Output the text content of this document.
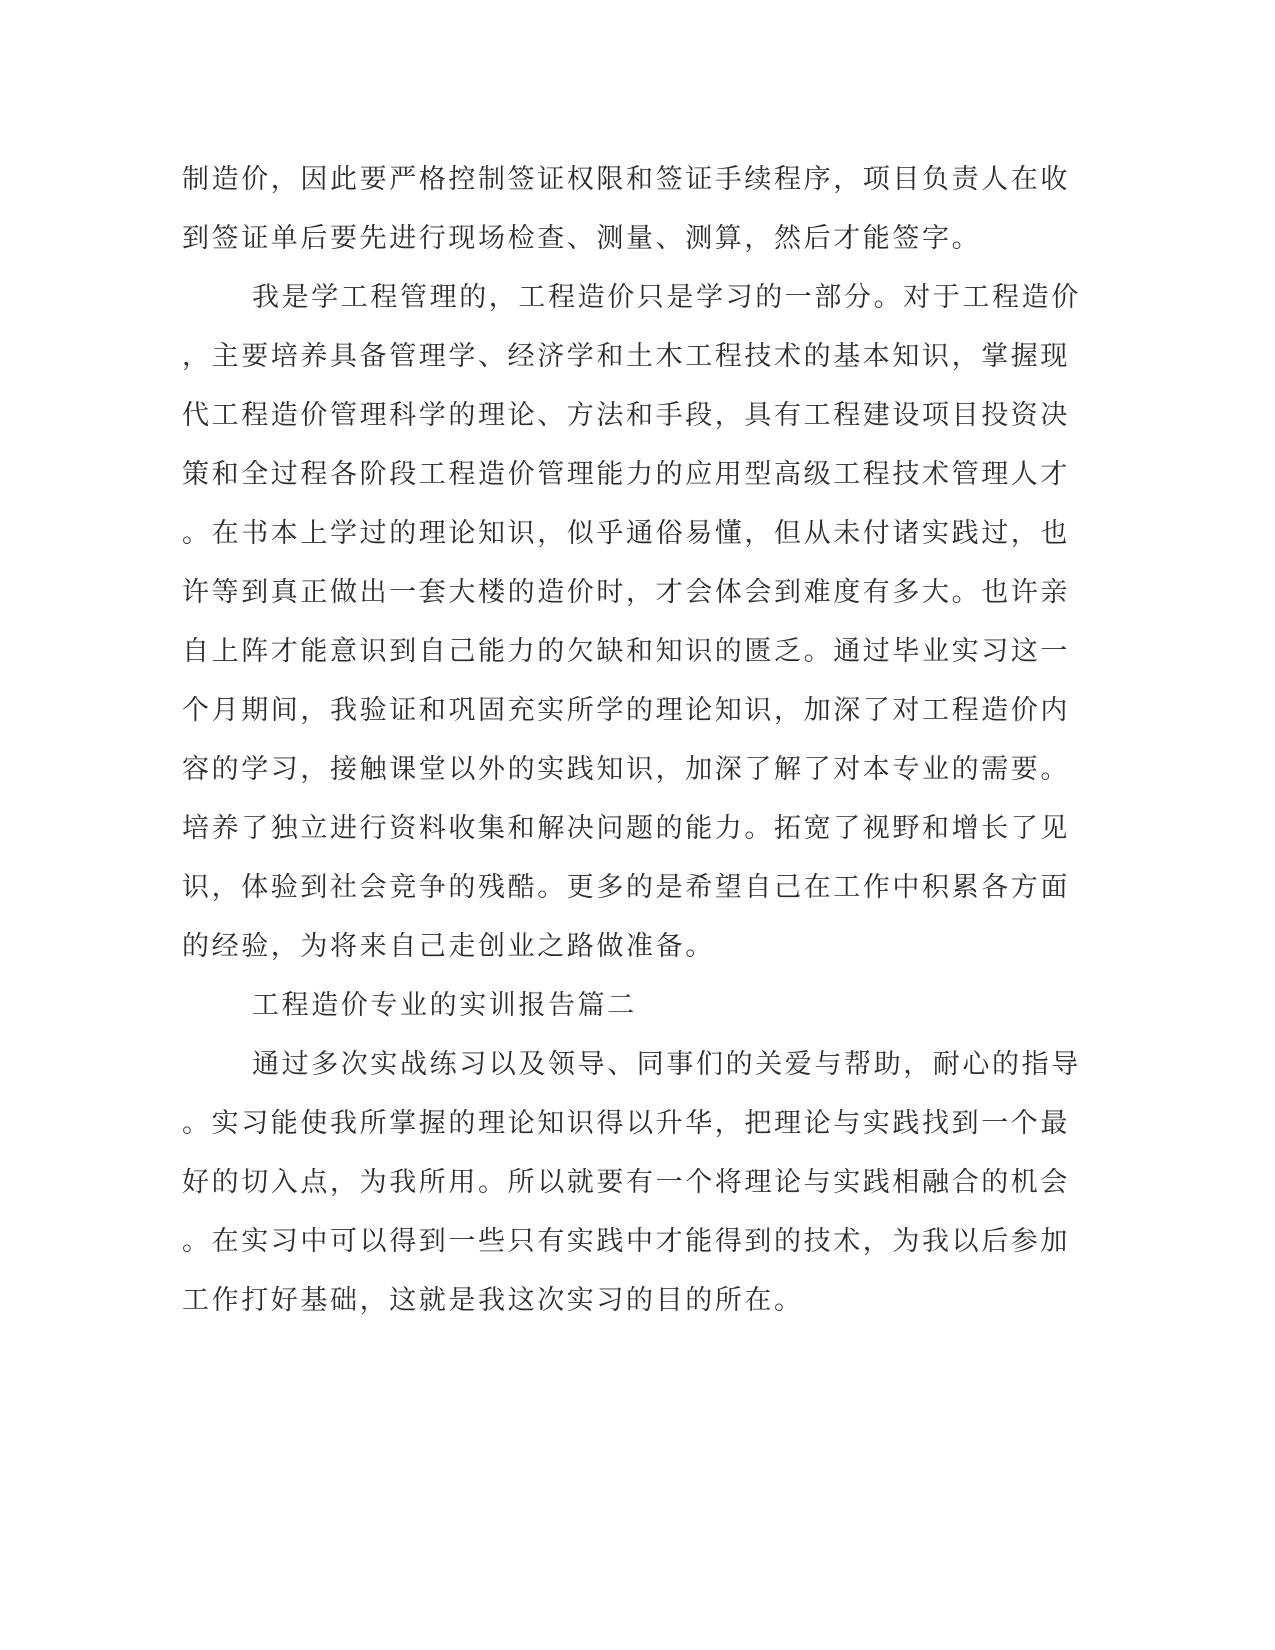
制造价，因此要严格控制签证权限和签证手续程序，项目负责人在收
到签证单后要先进行现场检查、测量、测算，然后才能签字。
我是学工程管理的，工程造价只是学习的一部分。对于工程造价
，主要培养具备管理学、经济学和土木工程技术的基本知识，掌握现
代工程造价管理科学的理论、方法和手段，具有工程建设项目投资决
策和全过程各阶段工程造价管理能力的应用型高级工程技术管理人才
。在书本上学过的理论知识，似乎通俗易懂，但从未付诸实践过，也
许等到真正做出一套大楼的造价时，才会体会到难度有多大。也许亲
自上阵才能意识到自己能力的欠缺和知识的匮乏。通过毕业实习这一
个月期间，我验证和巩固充实所学的理论知识，加深了对工程造价内
容的学习，接触课堂以外的实践知识，加深了解了对本专业的需要。
培养了独立进行资料收集和解决问题的能力。拓宽了视野和增长了见
识，体验到社会竞争的残酷。更多的是希望自己在工作中积累各方面
的经验，为将来自己走创业之路做准备。
工程造价专业的实训报告篇二
通过多次实战练习以及领导、同事们的关爱与帮助，耐心的指导
。实习能使我所掌握的理论知识得以升华，把理论与实践找到一个最
好的切入点，为我所用。所以就要有一个将理论与实践相融合的机会
。在实习中可以得到一些只有实践中才能得到的技术，为我以后参加
工作打好基础，这就是我这次实习的目的所在。
